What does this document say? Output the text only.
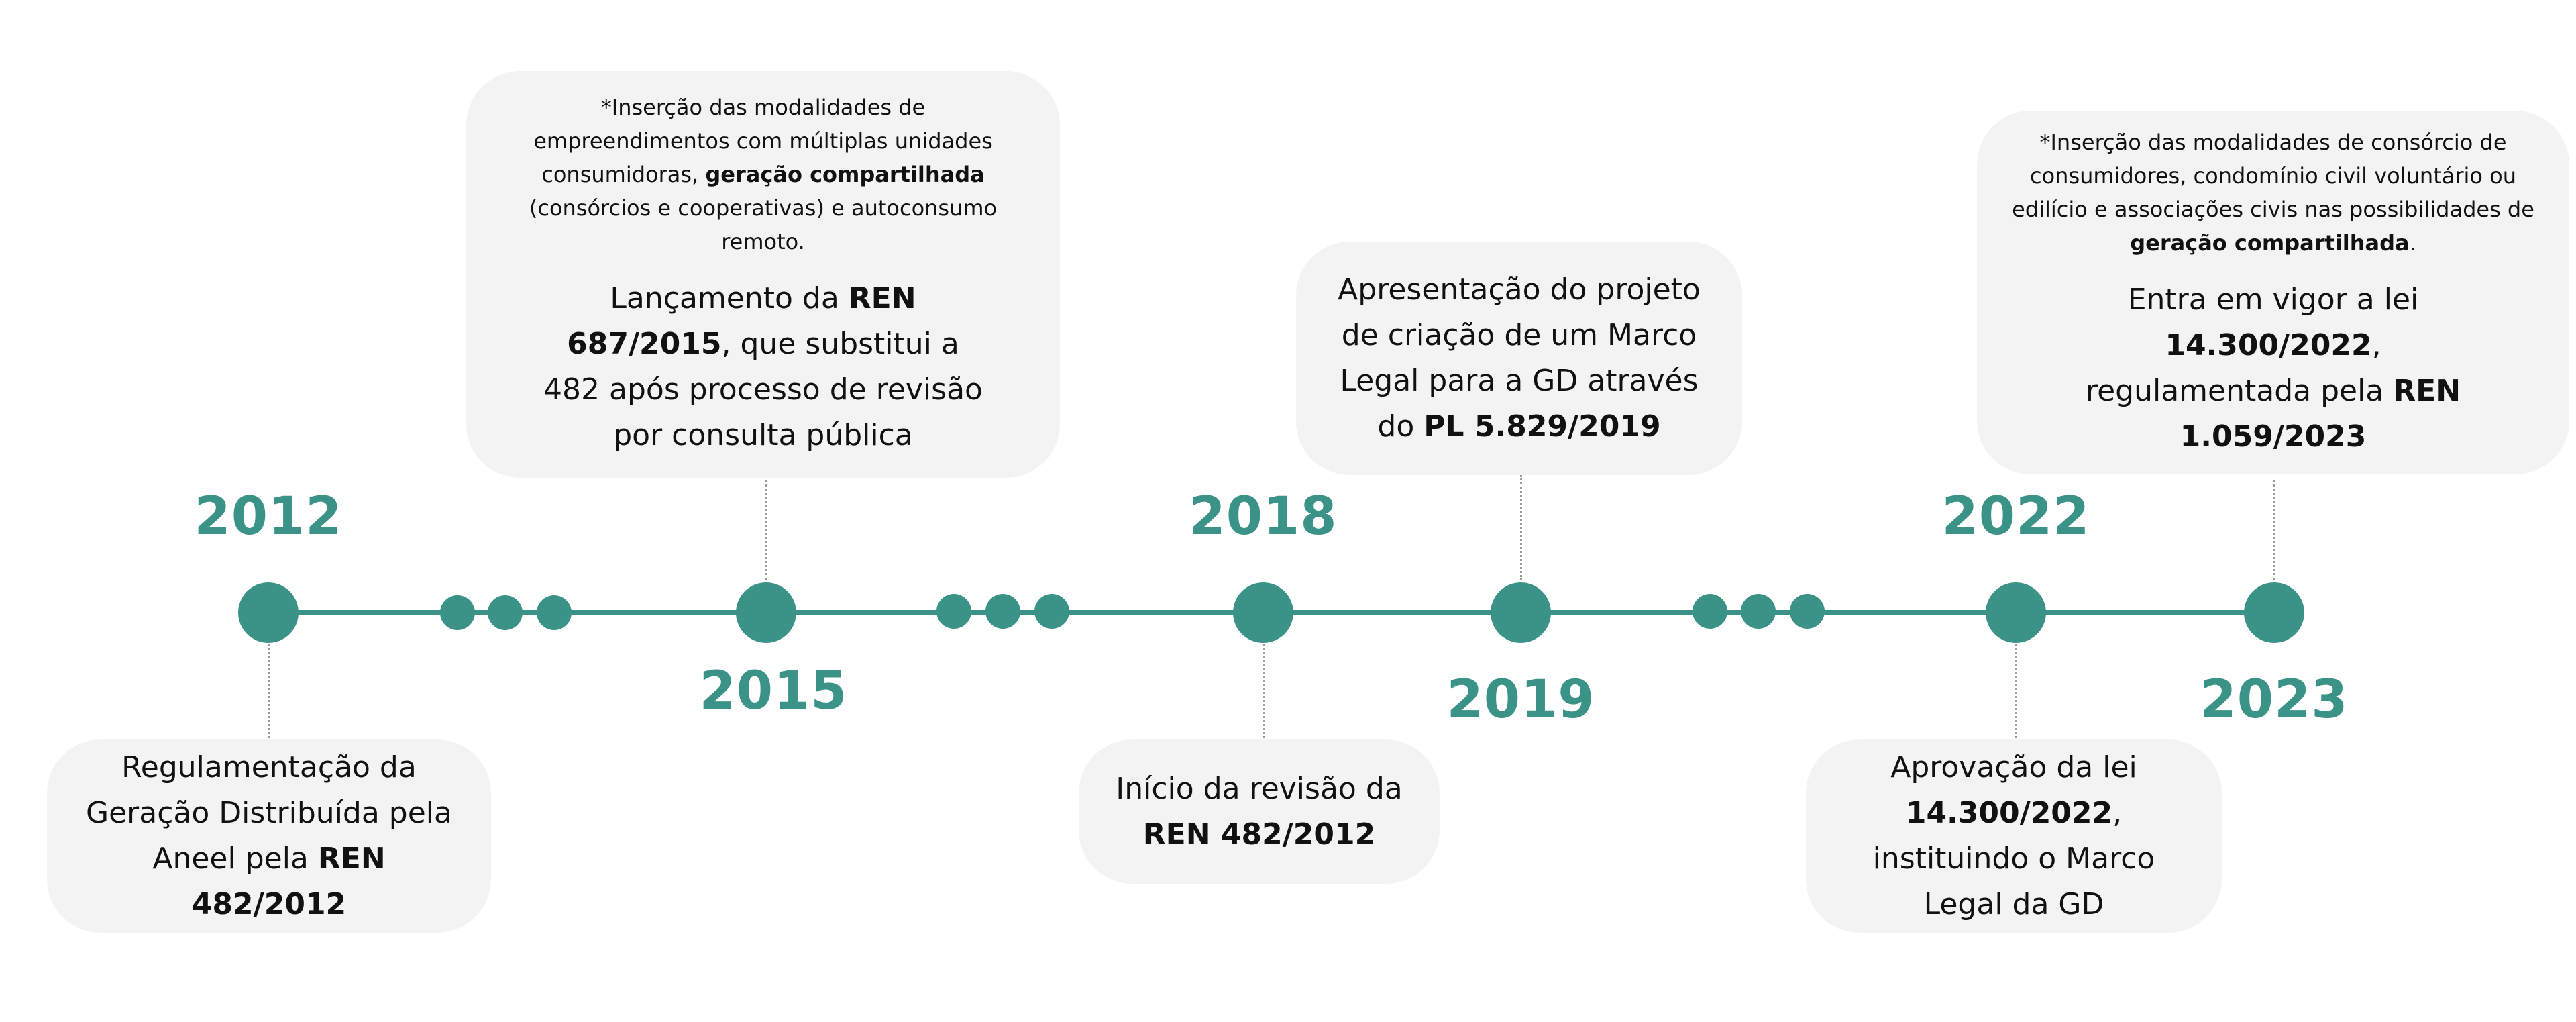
2012
2015
2018
2019
2022
2023
Regulamentação da Geração Distribuída pela Aneel pela REN 482/2012
*Inserção das modalidades de empreendimentos com múltiplas unidades consumidoras, geração compartilhada (consórcios e cooperativas) e autoconsumo remoto.
Lançamento da REN 687/2015, que substitui a 482 após processo de revisão por consulta pública
Início da revisão da REN 482/2012
Apresentação do projeto de criação de um Marco Legal para a GD através do PL 5.829/2019
Aprovação da lei 14.300/2022, instituindo o Marco Legal da GD
*Inserção das modalidades de consórcio de consumidores, condomínio civil voluntário ou edilício e associações civis nas possibilidades de geração compartilhada.
Entra em vigor a lei 14.300/2022, regulamentada pela REN 1.059/2023
